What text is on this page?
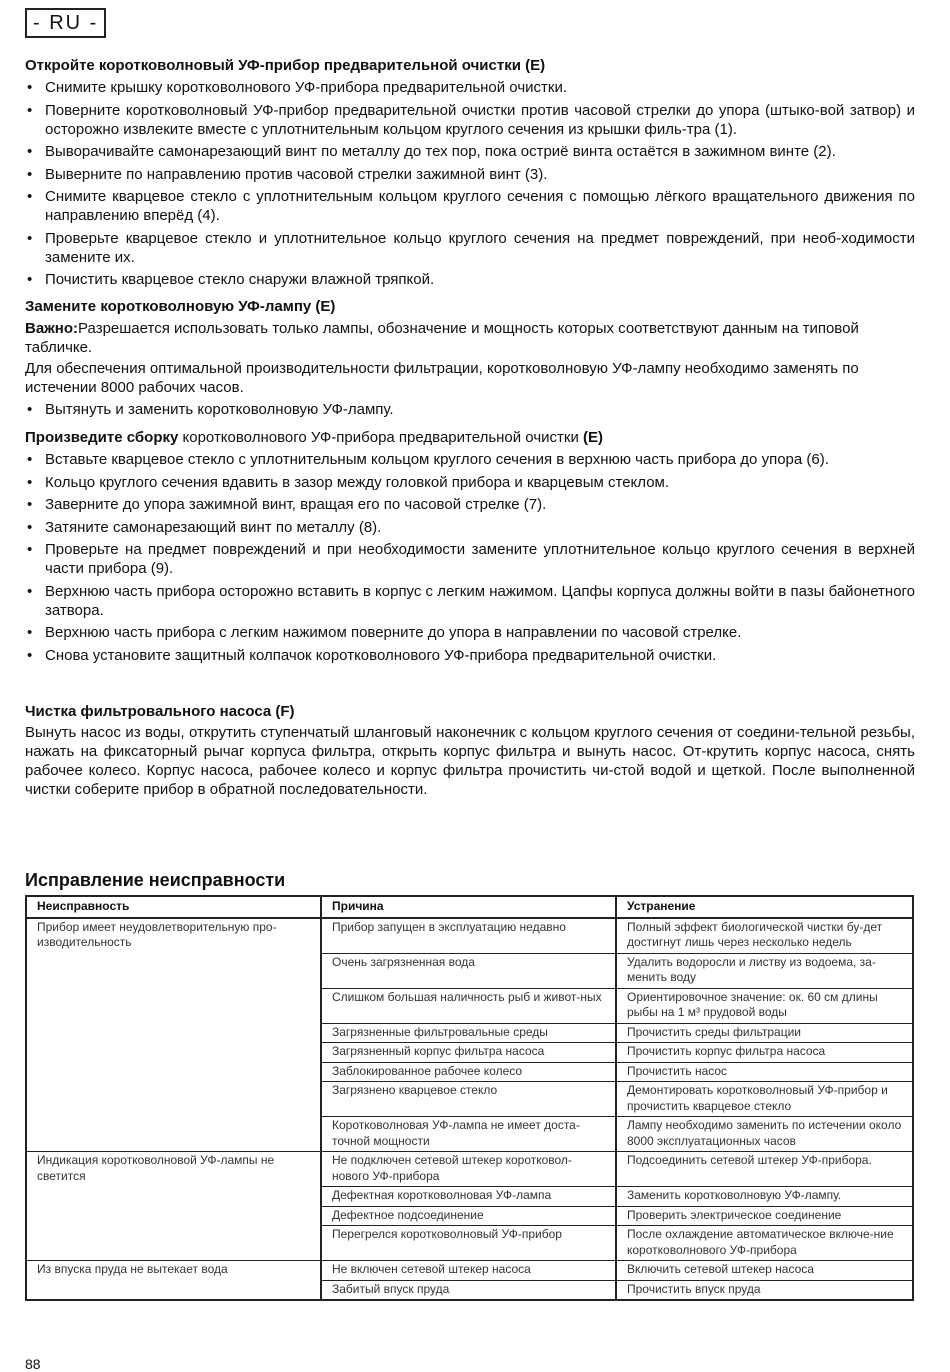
- RU -

Откройте коротковолновый УФ-прибор предварительной очистки (E)

• Снимите крышку коротковолнового УФ-прибора предварительной очистки.
• Поверните коротковолновый УФ-прибор предварительной очистки против часовой стрелки до упора (штыко-вой затвор) и осторожно извлеките вместе с уплотнительным кольцом круглого сечения из крышки филь-тра (1).
• Выворачивайте самонарезающий винт по металлу до тех пор, пока остриё винта остаётся в зажимном винте (2).
• Выверните по направлению против часовой стрелки зажимной винт (3).
• Снимите кварцевое стекло с уплотнительным кольцом круглого сечения с помощью лёгкого вращательного движения по направлению вперёд (4).
• Проверьте кварцевое стекло и уплотнительное кольцо круглого сечения на предмет повреждений, при необ-ходимости замените их.
• Почистить кварцевое стекло снаружи влажной тряпкой.

Замените коротковолновую УФ-лампу (E)

Важно:Разрешается использовать только лампы, обозначение и мощность которых соответствуют данным на типовой табличке.

Для обеспечения оптимальной производительности фильтрации, коротковолновую УФ-лампу необходимо заменять по истечении 8000 рабочих часов.

• Вытянуть и заменить коротковолновую УФ-лампу.

Произведите сборку коротковолнового УФ-прибора предварительной очистки (E)

• Вставьте кварцевое стекло с уплотнительным кольцом круглого сечения в верхнюю часть прибора до упора (6).
• Кольцо круглого сечения вдавить в зазор между головкой прибора и кварцевым стеклом.
• Заверните до упора зажимной винт, вращая его по часовой стрелке (7).
• Затяните самонарезающий винт по металлу (8).
• Проверьте на предмет повреждений и при необходимости замените уплотнительное кольцо круглого сечения в верхней части прибора (9).
• Верхнюю часть прибора осторожно вставить в корпус с легким нажимом. Цапфы корпуса должны войти в пазы байонетного затвора.
• Верхнюю часть прибора с легким нажимом поверните до упора в направлении по часовой стрелке.
• Снова установите защитный колпачок коротковолнового УФ-прибора предварительной очистки.

Чистка фильтровального насоса (F)

Вынуть насос из воды, открутить ступенчатый шланговый наконечник с кольцом круглого сечения от соедини-тельной резьбы, нажать на фиксаторный рычаг корпуса фильтра, открыть корпус фильтра и вынуть насос. От-крутить корпус насоса, снять рабочее колесо. Корпус насоса, рабочее колесо и корпус фильтра прочистить чи-стой водой и щеткой. После выполненной чистки соберите прибор в обратной последовательности.

Исправление неисправности

Неисправность	Причина	Устранение
Прибор имеет неудовлетворительную про-изводительность	Прибор запущен в эксплуатацию недавно	Полный эффект биологической чистки бу-дет достигнут лишь через несколько недель
	Очень загрязненная вода	Удалить водоросли и листву из водоема, за-менить воду
	Слишком большая наличность рыб и живот-ных	Ориентировочное значение: ок. 60 см длины рыбы на 1 м³ прудовой воды
	Загрязненные фильтровальные среды	Прочистить среды фильтрации
	Загрязненный корпус фильтра насоса	Прочистить корпус фильтра насоса
	Заблокированное рабочее колесо	Прочистить насос
	Загрязнено кварцевое стекло	Демонтировать коротковолновый УФ-прибор и прочистить кварцевое стекло
	Коротковолновая УФ-лампа не имеет доста-точной мощности	Лампу необходимо заменить по истечении около 8000 эксплуатационных часов
Индикация коротковолновой УФ-лампы не светится	Не подключен сетевой штекер коротковол-нового УФ-прибора	Подсоединить сетевой штекер УФ-прибора.
	Дефектная коротковолновая УФ-лампа	Заменить коротковолновую УФ-лампу.
	Дефектное подсоединение	Проверить электрическое соединение
	Перегрелся коротковолновый УФ-прибор	После охлаждение автоматическое включе-ние коротковолнового УФ-прибора
Из впуска пруда не вытекает вода	Не включен сетевой штекер насоса	Включить сетевой штекер насоса
	Забитый впуск пруда	Прочистить впуск пруда
88
